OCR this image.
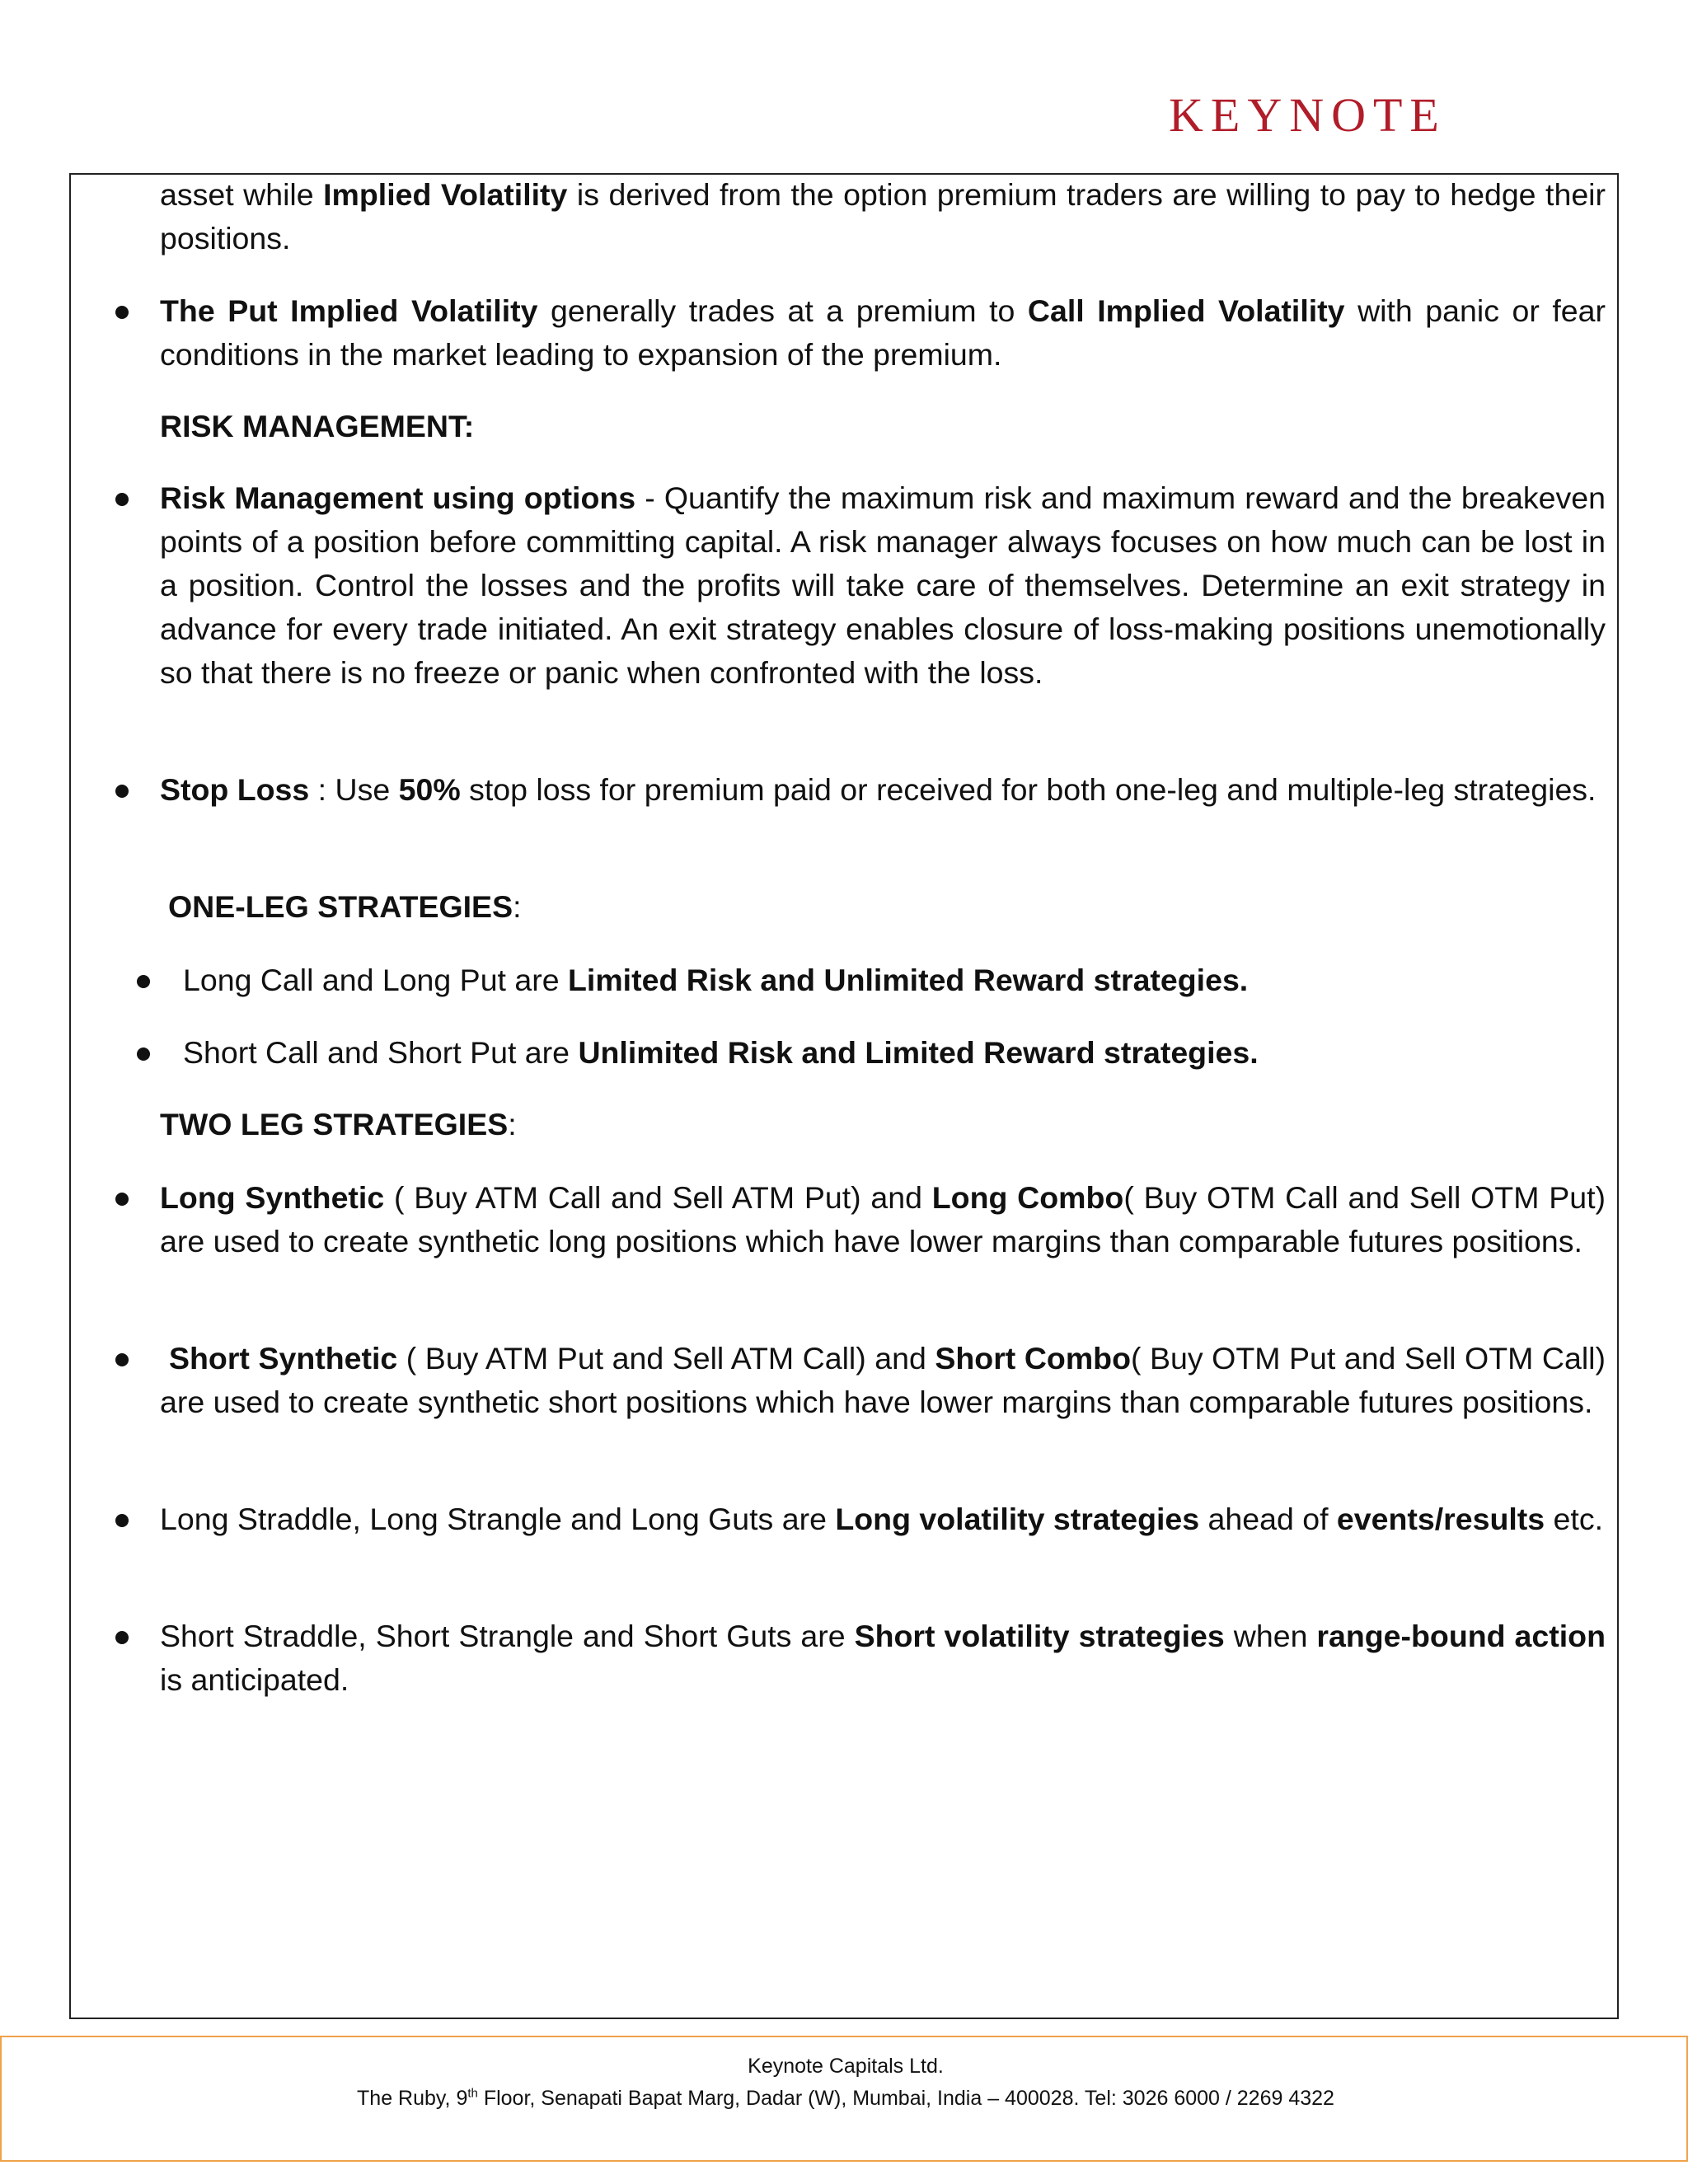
KEYNOTE

asset while Implied Volatility is derived from the option premium traders are willing to pay to hedge their positions.

The Put Implied Volatility generally trades at a premium to Call Implied Volatility with panic or fear conditions in the market leading to expansion of the premium.

RISK MANAGEMENT:

Risk Management using options - Quantify the maximum risk and maximum reward and the breakeven points of a position before committing capital. A risk manager always focuses on how much can be lost in a position. Control the losses and the profits will take care of themselves. Determine an exit strategy in advance for every trade initiated. An exit strategy enables closure of loss-making positions unemotionally so that there is no freeze or panic when confronted with the loss.

Stop Loss : Use 50% stop loss for premium paid or received for both one-leg and multiple-leg strategies.

ONE-LEG STRATEGIES:

Long Call and Long Put are Limited Risk and Unlimited Reward strategies.

Short Call and Short Put are Unlimited Risk and Limited Reward strategies.

TWO LEG STRATEGIES:

Long Synthetic ( Buy ATM Call and Sell ATM Put) and Long Combo( Buy OTM Call and Sell OTM Put) are used to create synthetic long positions which have lower margins than comparable futures positions.

Short Synthetic ( Buy ATM Put and Sell ATM Call) and Short Combo( Buy OTM Put and Sell OTM Call) are used to create synthetic short positions which have lower margins than comparable futures positions.

Long Straddle, Long Strangle and Long Guts are Long volatility strategies ahead of events/results etc.

Short Straddle, Short Strangle and Short Guts are Short volatility strategies when range-bound action is anticipated.

Keynote Capitals Ltd.
The Ruby, 9th Floor, Senapati Bapat Marg, Dadar (W), Mumbai, India – 400028. Tel: 3026 6000 / 2269 4322
